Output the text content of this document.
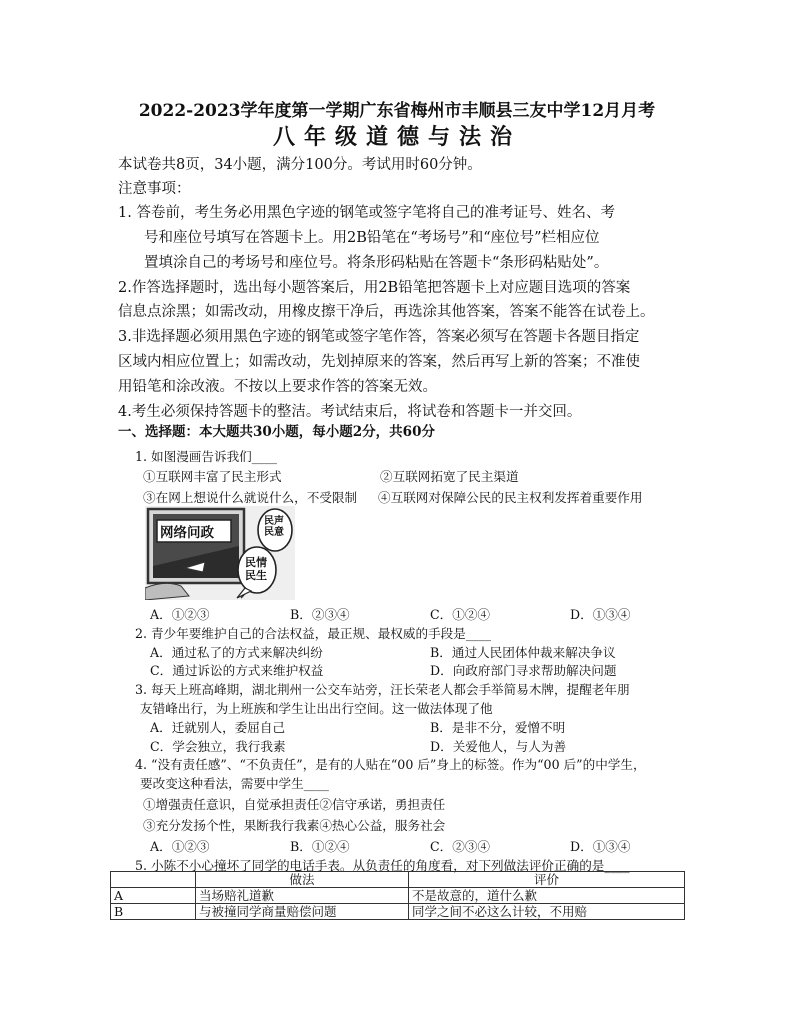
2022-2023学年度第一学期广东省梅州市丰顺县三友中学12月月考
八年级道德与法治
本试卷共8页，34小题，满分100分。考试用时60分钟。
注意事项：
1. 答卷前，考生务必用黑色字迹的钢笔或签字笔将自己的准考证号、姓名、考
号和座位号填写在答题卡上。用2B铅笔在“考场号”和“座位号”栏相应位
置填涂自己的考场号和座位号。将条形码粘贴在答题卡“条形码粘贴处”。
2.作答选择题时，选出每小题答案后，用2B铅笔把答题卡上对应题目选项的答案
信息点涂黑；如需改动，用橡皮擦干净后，再选涂其他答案，答案不能答在试卷上。
3.非选择题必须用黑色字迹的钢笔或签字笔作答，答案必须写在答题卡各题目指定
区域内相应位置上；如需改动，先划掉原来的答案，然后再写上新的答案；不准使
用铅笔和涂改液。不按以上要求作答的答案无效。
4.考生必须保持答题卡的整洁。考试结束后，将试卷和答题卡一并交回。
一、选择题：本大题共30小题，每小题2分，共60分
1. 如图漫画告诉我们____
①互联网丰富了民主形式	②互联网拓宽了民主渠道
③在网上想说什么就说什么，不受限制 ④互联网对保障公民的民主权利发挥着重要作用
网络问政
民声
民意
民情
民生
A．①②③	B．②③④	C．①②④	D．①③④
2. 青少年要维护自己的合法权益，最正规、最权威的手段是____
A．通过私了的方式来解决纠纷	B．通过人民团体仲裁来解决争议
C．通过诉讼的方式来维护权益	D．向政府部门寻求帮助解决问题
3. 每天上班高峰期，湖北荆州一公交车站旁，汪长荣老人都会手举简易木牌，提醒老年朋
友错峰出行，为上班族和学生让出出行空间。这一做法体现了他
A．迁就别人，委屈自己	B．是非不分，爱憎不明
C．学会独立，我行我素	D．关爱他人，与人为善
4. “没有责任感”、“不负责任”，是有的人贴在“00 后”身上的标签。作为“00 后”的中学生，
要改变这种看法，需要中学生____
①增强责任意识，自觉承担责任②信守承诺，勇担责任
③充分发扬个性，果断我行我素④热心公益，服务社会
A．①②③	B．①②④	C．②③④	D．①③④
5. 小陈不小心撞坏了同学的电话手表。从负责任的角度看，对下列做法评价正确的是____
	做法	评价
A	当场赔礼道歉	不是故意的，道什么歉
B	与被撞同学商量赔偿问题	同学之间不必这么计较，不用赔
